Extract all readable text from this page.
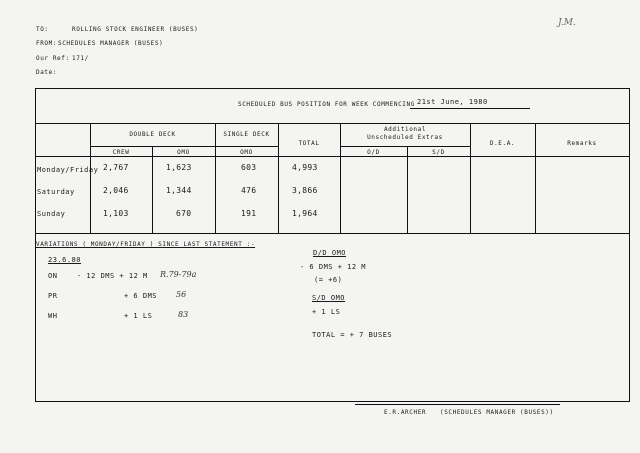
TO:	ROLLING STOCK ENGINEER (BUSES)
FROM: SCHEDULES MANAGER (BUSES)
Our Ref: 171/
Date:
J.M.
SCHEDULED BUS POSITION FOR WEEK COMMENCING 21st June, 1980
DOUBLE DECK	SINGLE DECK
TOTAL
Additional
Unscheduled Extras
D.E.A.	Remarks
CREW	OMO	OMO	O/D	S/D
Monday/Friday 2,767	1,623	603	4,993
Saturday	2,046	1,344	476	3,866
Sunday	1,103	670	191	1,964
VARIATIONS ( MONDAY/FRIDAY ) SINCE LAST STATEMENT :-
23.6.80
ON	- 12 DMS + 12 M R.79-79a
PR	+ 6 DMS 56
WH	+ 1 LS	83
D/D OMO
- 6 DMS + 12 M
(= +6)
S/D OMO
+ 1 LS
TOTAL = + 7 BUSES
E.R.ARCHER (SCHEDULES MANAGER (BUSES))
